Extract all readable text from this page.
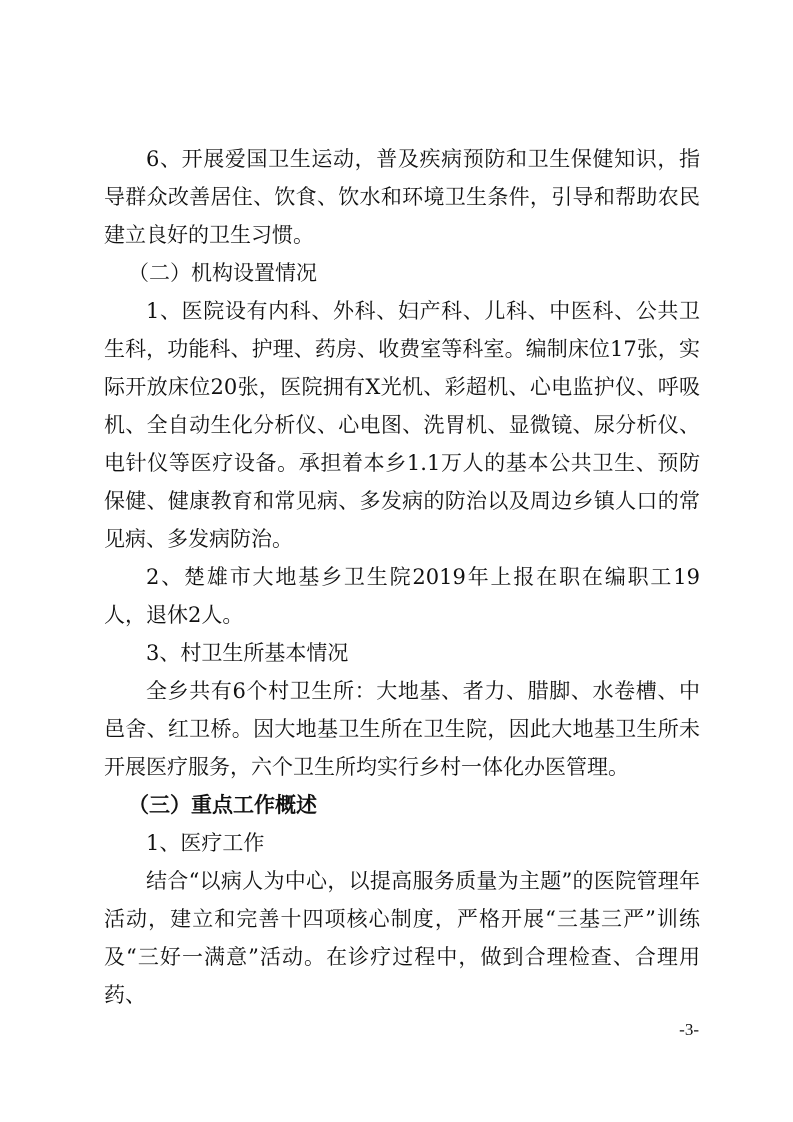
6、开展爱国卫生运动，普及疾病预防和卫生保健知识，指导群众改善居住、饮食、饮水和环境卫生条件，引导和帮助农民建立良好的卫生习惯。

（二）机构设置情况

1、医院设有内科、外科、妇产科、儿科、中医科、公共卫生科，功能科、护理、药房、收费室等科室。编制床位17张，实际开放床位20张，医院拥有X光机、彩超机、心电监护仪、呼吸机、全自动生化分析仪、心电图、洗胃机、显微镜、尿分析仪、电针仪等医疗设备。承担着本乡1.1万人的基本公共卫生、预防保健、健康教育和常见病、多发病的防治以及周边乡镇人口的常见病、多发病防治。

2、楚雄市大地基乡卫生院2019年上报在职在编职工19人，退休2人。

3、村卫生所基本情况

全乡共有6个村卫生所：大地基、者力、腊脚、水卷槽、中邑舍、红卫桥。因大地基卫生所在卫生院，因此大地基卫生所未开展医疗服务，六个卫生所均实行乡村一体化办医管理。

（三）重点工作概述

1、医疗工作

结合“以病人为中心，以提高服务质量为主题”的医院管理年活动，建立和完善十四项核心制度，严格开展“三基三严”训练及“三好一满意”活动。在诊疗过程中，做到合理检查、合理用药、

-3-
